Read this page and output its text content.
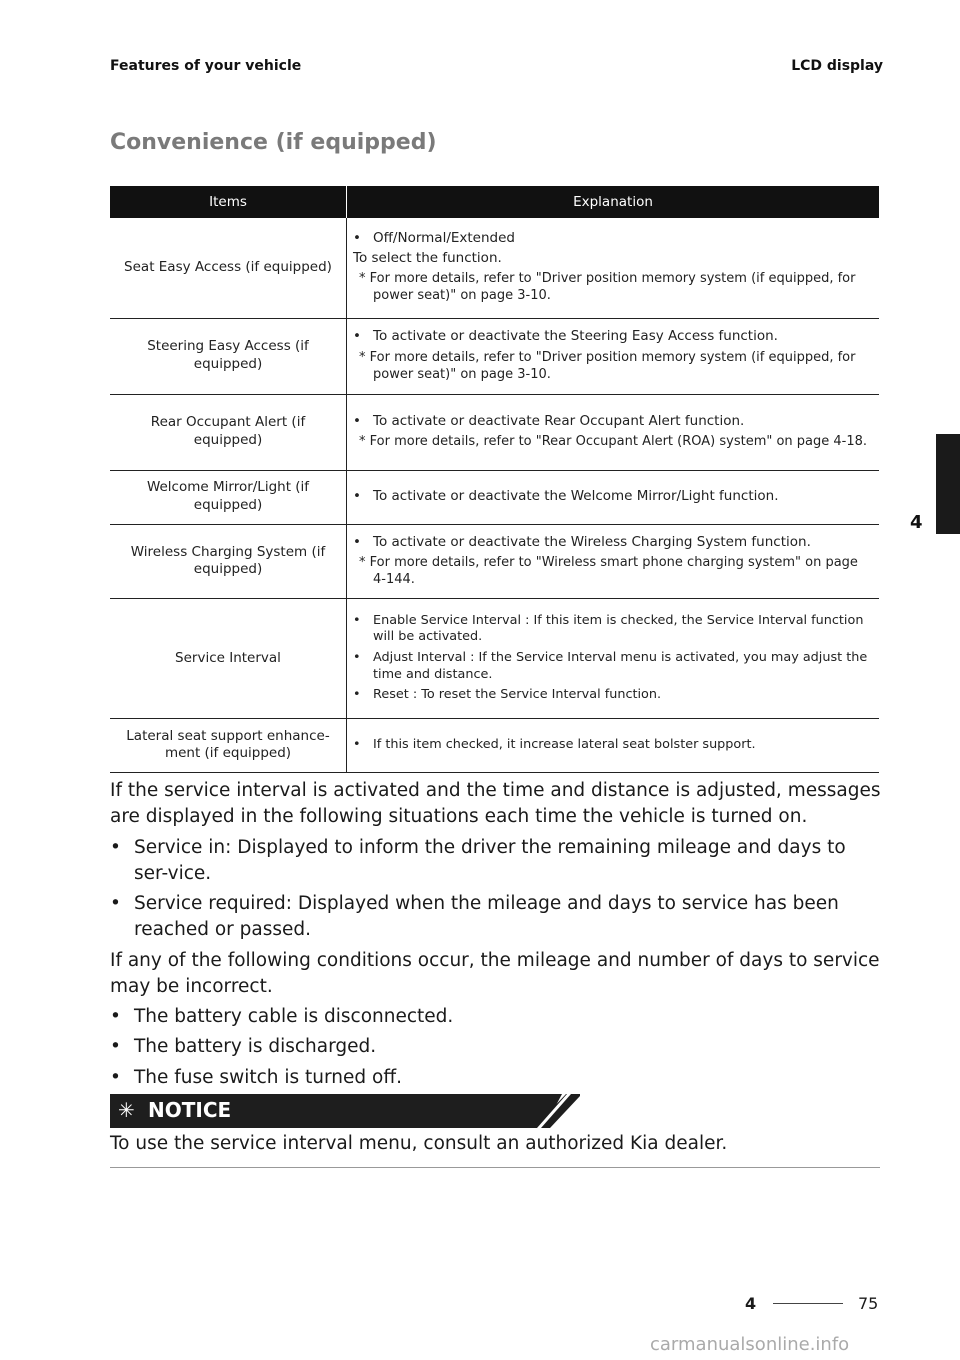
Features of your vehicle	LCD display
Convenience (if equipped)
4
Items	Explanation
Seat Easy Access (if equipped)	• Off/Normal/Extended
To select the function.
* For more details, refer to "Driver position memory system (if equipped, for power seat)" on page 3-10.

Steering Easy Access (if equipped)	• To activate or deactivate the Steering Easy Access function.
* For more details, refer to "Driver position memory system (if equipped, for power seat)" on page 3-10.

Rear Occupant Alert (if equipped)	• To activate or deactivate Rear Occupant Alert function.
* For more details, refer to "Rear Occupant Alert (ROA) system" on page 4-18.

Welcome Mirror/Light (if equipped)	• To activate or deactivate the Welcome Mirror/Light function.

Wireless Charging System (if equipped)	• To activate or deactivate the Wireless Charging System function.
* For more details, refer to "Wireless smart phone charging system" on page 4-144.

Service Interval	• Enable Service Interval : If this item is checked, the Service Interval function will be activated.
• Adjust Interval : If the Service Interval menu is activated, you may adjust the time and distance.
• Reset : To reset the Service Interval function.

Lateral seat support enhance-ment (if equipped)	• If this item checked, it increase lateral seat bolster support.

If the service interval is activated and the time and distance is adjusted, messages are displayed in the following situations each time the vehicle is turned on.

• Service in: Displayed to inform the driver the remaining mileage and days to ser-vice.
• Service required: Displayed when the mileage and days to service has been reached or passed.

If any of the following conditions occur, the mileage and number of days to service may be incorrect.

• The battery cable is disconnected.
• The battery is discharged.
• The fuse switch is turned off.
✳ NOTICE
To use the service interval menu, consult an authorized Kia dealer.
4	75
carmanualsonline.info
